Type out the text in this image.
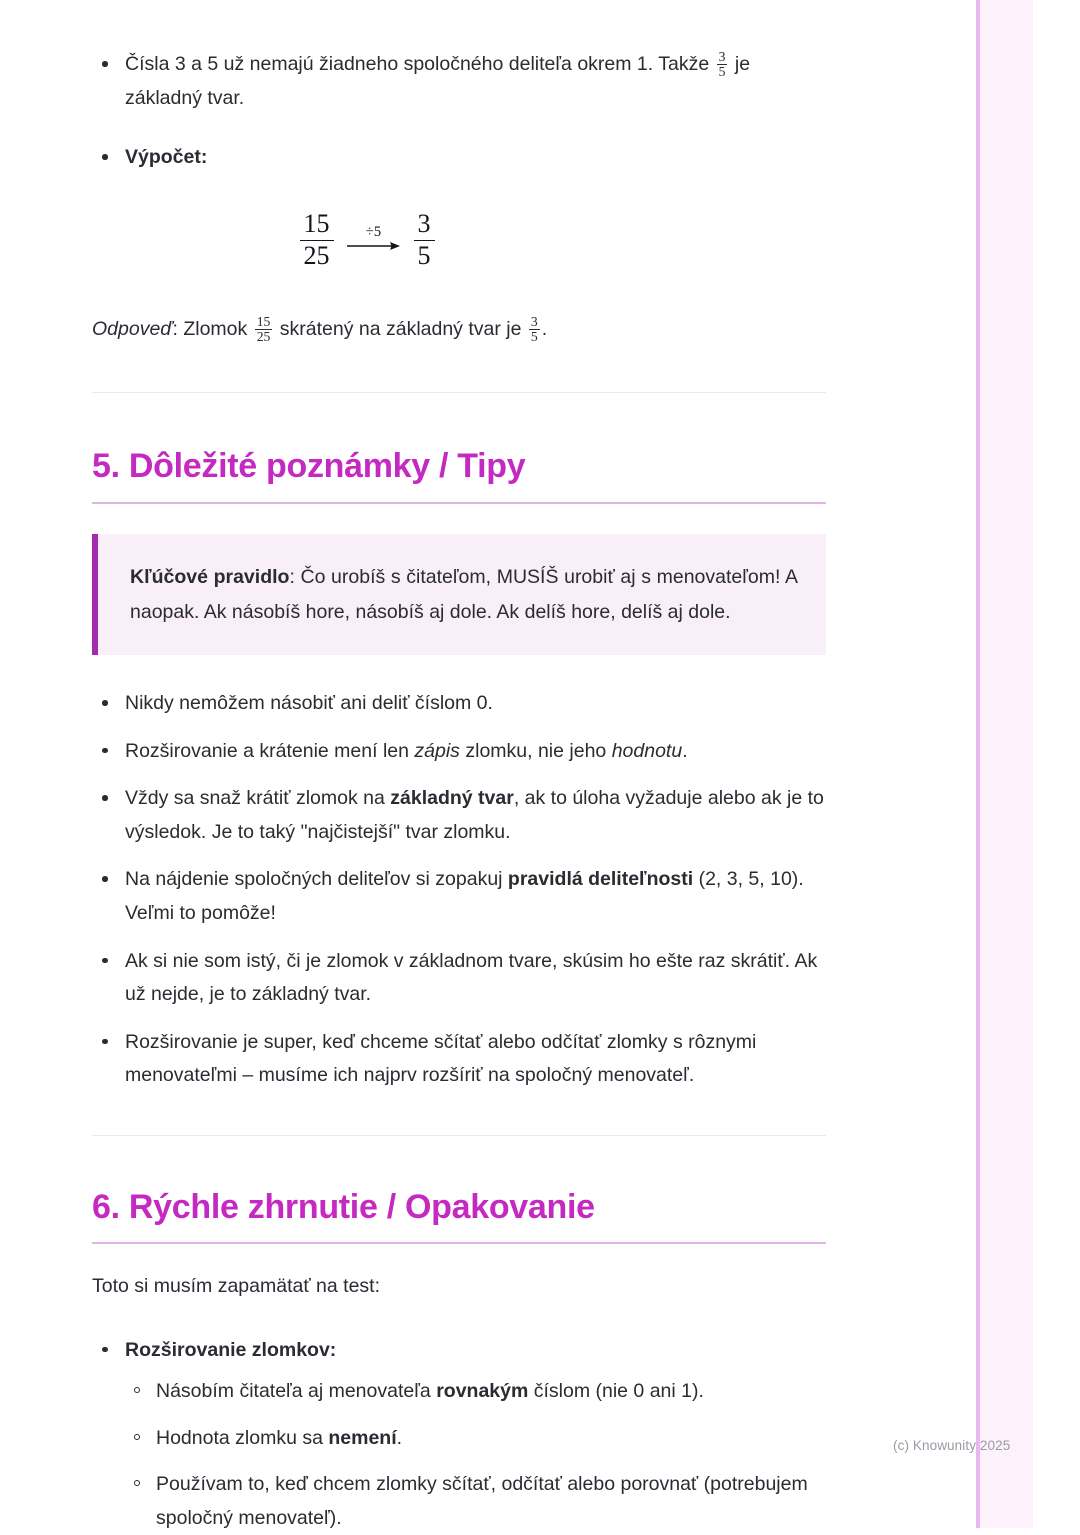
Čísla 3 a 5 už nemajú žiadneho spoločného deliteľa okrem 1. Takže $\frac{3}{5}$ je základný tvar.
Výpočet:
$\frac{15}{25} \div 5 \frac{3}{5}$

Odpoveď: Zlomok $\frac{15}{25}$ skrátený na základný tvar je $\frac{3}{5}$ .

5. Dôležité poznámky / Tipy

Kľúčové pravidlo: Čo urobíš s čitateľom, MUSÍŠ urobiť aj s menovateľom! A naopak. Ak násobíš hore, násobíš aj dole. Ak delíš hore, delíš aj dole.

Nikdy nemôžem násobiť ani deliť číslom 0.
Rozširovanie a krátenie mení len zápis zlomku, nie jeho hodnotu.
Vždy sa snaž krátiť zlomok na základný tvar, ak to úloha vyžaduje alebo ak je to výsledok. Je to taký "najčistejší" tvar zlomku.
Na nájdenie spoločných deliteľov si zopakuj pravidlá deliteľnosti (2, 3, 5, 10). Veľmi to pomôže!
Ak si nie som istý, či je zlomok v základnom tvare, skúsim ho ešte raz skrátiť. Ak už nejde, je to základný tvar.
Rozširovanie je super, keď chceme sčítať alebo odčítať zlomky s rôznymi menovateľmi – musíme ich najprv rozšíriť na spoločný menovateľ.
6. Rýchle zhrnutie / Opakovanie

Toto si musím zapamätať na test:

Rozširovanie zlomkov:
Násobím čitateľa aj menovateľa rovnakým číslom (nie 0 ani 1).
Hodnota zlomku sa nemení.
Používam to, keď chcem zlomky sčítať, odčítať alebo porovnať (potrebujem spoločný menovateľ).
(c) Knowunity 2025
